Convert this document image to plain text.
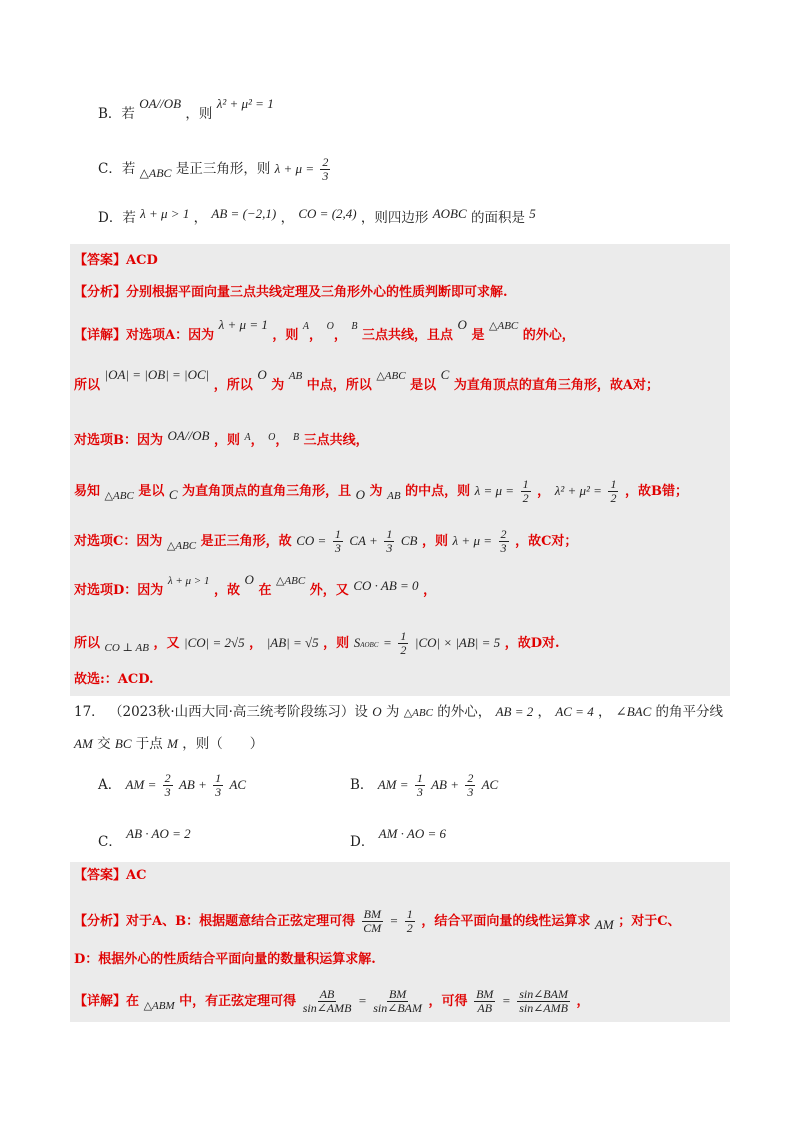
B．若 OA//OB ，则 λ² + μ² = 1
C．若 △ABC 是正三角形，则 $\lambda + \mu = \frac{2}{3}$
D．若 λ + μ > 1 ， AB = (−2,1) ， CO = (2,4) ，则四边形 AOBC 的面积是 5
【答案】ACD
【分析】分别根据平面向量三点共线定理及三角形外心的性质判断即可求解.
【详解】对选项A：因为 λ + μ = 1 ，则 $^A$， $^O$， $^B$ 三点共线，且点 O 是 $^{\triangle ABC}$ 的外心，
所以 |OA| = |OB| = |OC| ，所以 O 为 $^{AB}$ 中点，所以 $^{\triangle ABC}$ 是以 C 为直角顶点的直角三角形，故A对；
对选项B：因为 OA//OB ，则 $^A$， $^O$， $^B$ 三点共线，
易知 $_{\triangle ABC}$ 是以 C 为直角顶点的直角三角形，且 O 为 $_{AB}$ 的中点，则 $\lambda = \mu = \frac{1}{2}$ ， $\lambda^2 + \mu^2 = \frac{1}{2}$ ，故B错；
对选项C：因为 $_{\triangle ABC}$ 是正三角形，故 CO = $\frac{1}{3}$ CA + $\frac{1}{3}$ CB ，则 $\lambda + \mu = \frac{2}{3}$ ，故C对；
对选项D：因为 $^{\lambda + \mu > 1}$ ，故 O 在 $^{\triangle ABC}$ 外，又 CO · AB = 0 ，
所以 $_{CO \perp AB}$ ，又 |CO| = 2√5 ， |AB| = √5 ，则 SAOBC = $\frac{1}{2} |CO| \times |AB| = 5$ ，故D对.
故选:：ACD.
17． （2023秋·山西大同·高三统考阶段练习）设 O 为 △ABC 的外心， AB = 2 ， AC = 4 ， ∠BAC 的角平分线
AM 交 BC 于点 M ，则（　　）
A． AM = $\frac{2}{3}$ AB + $\frac{1}{3}$ AC	B． AM = $\frac{1}{3}$ AB + $\frac{2}{3}$ AC
C． AB · AO = 2
D． AM · AO = 6
【答案】AC
【分析】对于A、B：根据题意结合正弦定理可得 $\frac{BM}{CM} = \frac{1}{2}$ ，结合平面向量的线性运算求 AM ；对于C、
D：根据外心的性质结合平面向量的数量积运算求解.
【详解】在 $_{\triangle ABM}$ 中，有正弦定理可得 $\frac{AB}{\text{sin∠AMB}} = \frac{BM}{\text{sin∠BAM}}$ ，可得 $\frac{BM}{AB} = \frac{\text{sin∠BAM}}{\text{sin∠AMB}}$ ，
